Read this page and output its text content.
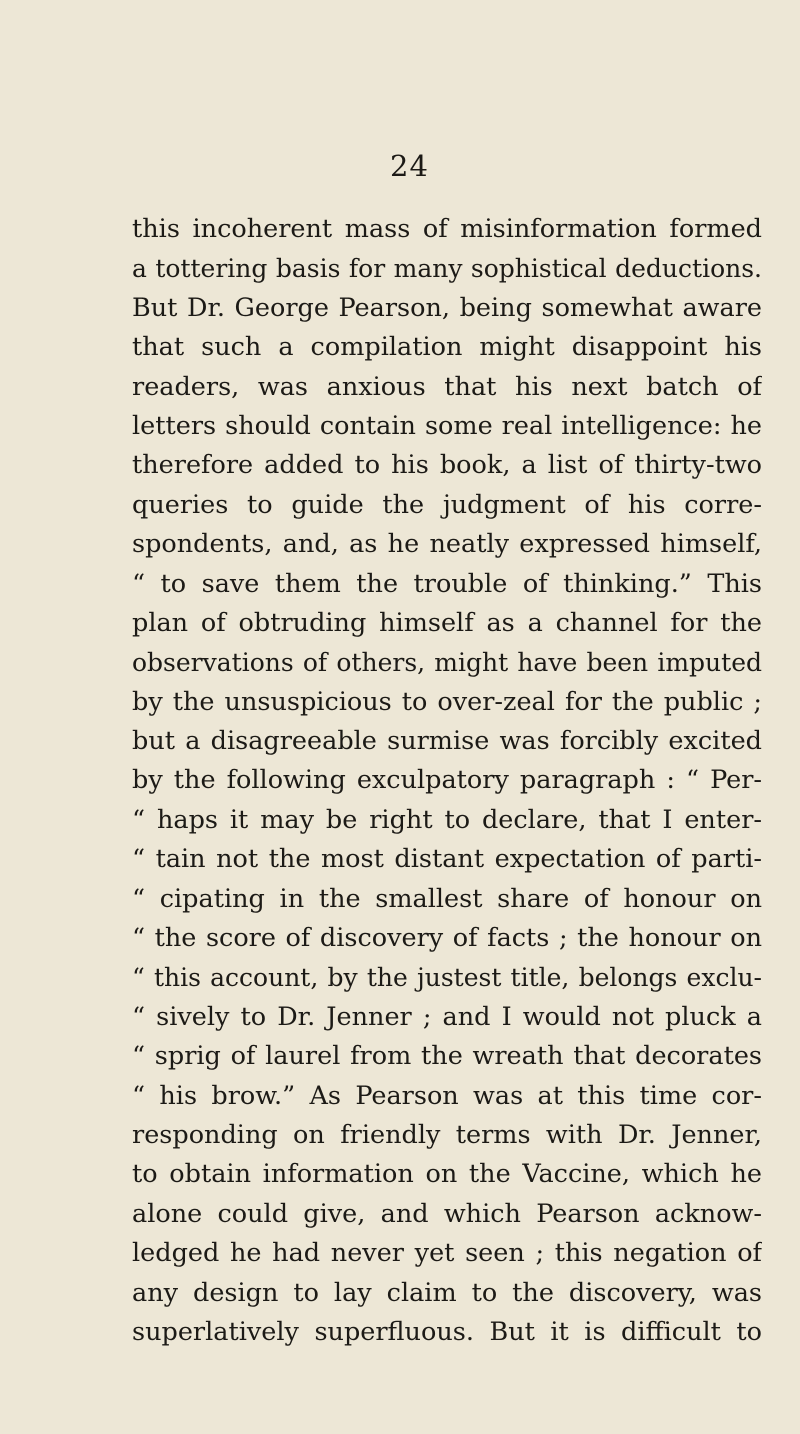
24
this incoherent mass of misinformation formed
a tottering basis for many sophistical deductions.
But Dr. George Pearson, being somewhat aware
that such a compilation might disappoint his
readers, was anxious that his next batch of
letters should contain some real intelligence: he
therefore added to his book, a list of thirty-two
queries to guide the judgment of his corre-
spondents, and, as he neatly expressed himself,
“ to save them the trouble of thinking.” This
plan of obtruding himself as a channel for the
observations of others, might have been imputed
by the unsuspicious to over-zeal for the public ;
but a disagreeable surmise was forcibly excited
by the following exculpatory paragraph : “ Per-
“ haps it may be right to declare, that I enter-
“ tain not the most distant expectation of parti-
“ cipating in the smallest share of honour on
“ the score of discovery of facts ; the honour on
“ this account, by the justest title, belongs exclu-
“ sively to Dr. Jenner ; and I would not pluck a
“ sprig of laurel from the wreath that decorates
“ his brow.” As Pearson was at this time cor-
responding on friendly terms with Dr. Jenner,
to obtain information on the Vaccine, which he
alone could give, and which Pearson acknow-
ledged he had never yet seen ; this negation of
any design to lay claim to the discovery, was
superlatively superfluous. But it is difficult to
